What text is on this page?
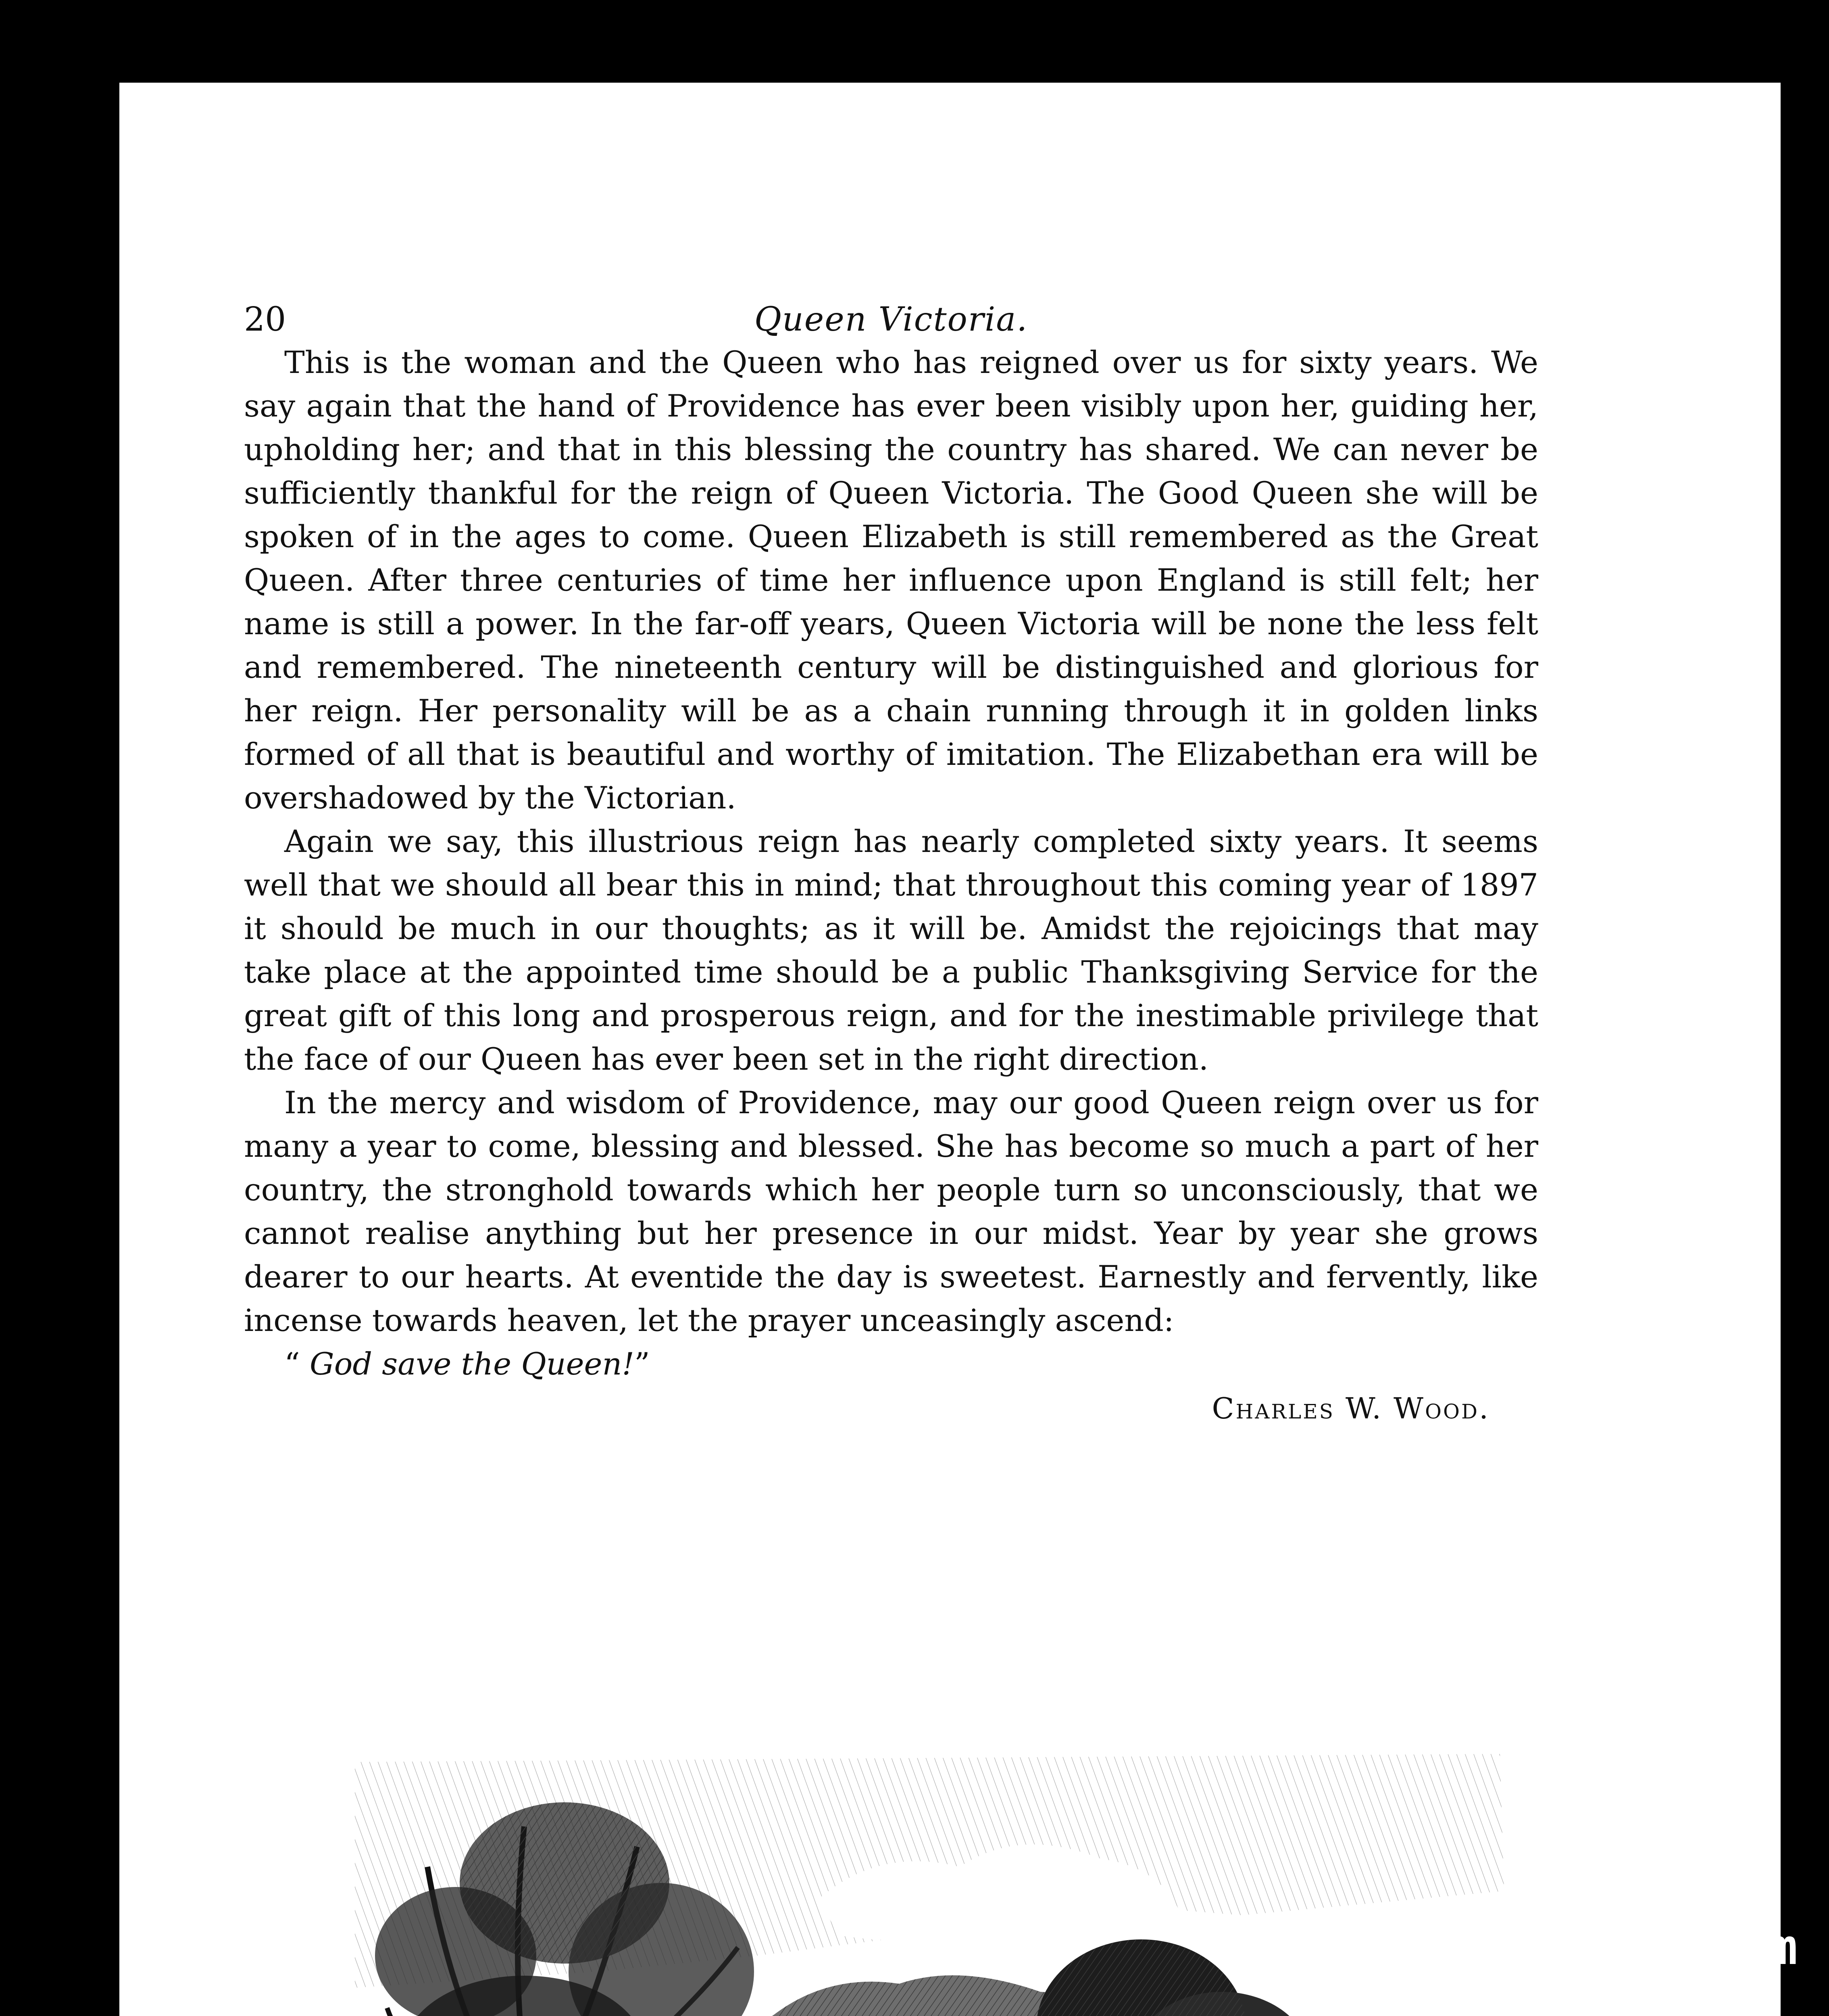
20	Queen Victoria.

This is the woman and the Queen who has reigned over us for sixty years. We say again that the hand of Providence has ever been visibly upon her, guiding her, upholding her; and that in this blessing the country has shared. We can never be sufficiently thankful for the reign of Queen Victoria. The Good Queen she will be spoken of in the ages to come. Queen Elizabeth is still remembered as the Great Queen. After three centuries of time her influence upon England is still felt; her name is still a power. In the far-off years, Queen Victoria will be none the less felt and remembered. The nineteenth century will be distinguished and glorious for her reign. Her personality will be as a chain running through it in golden links formed of all that is beautiful and worthy of imitation. The Elizabethan era will be overshadowed by the Victorian.

Again we say, this illustrious reign has nearly completed sixty years. It seems well that we should all bear this in mind; that throughout this coming year of 1897 it should be much in our thoughts; as it will be. Amidst the rejoicings that may take place at the appointed time should be a public Thanksgiving Service for the great gift of this long and prosperous reign, and for the inestimable privilege that the face of our Queen has ever been set in the right direction.

In the mercy and wisdom of Providence, may our good Queen reign over us for many a year to come, blessing and blessed. She has become so much a part of her country, the stronghold towards which her people turn so unconsciously, that we cannot realise anything but her presence in our midst. Year by year she grows dearer to our hearts. At eventide the day is sweetest. Earnestly and fervently, like incense towards heaven, let the prayer unceasingly ascend:

“ God save the Queen!”

Charles W. Wood.

comicbooks.com
